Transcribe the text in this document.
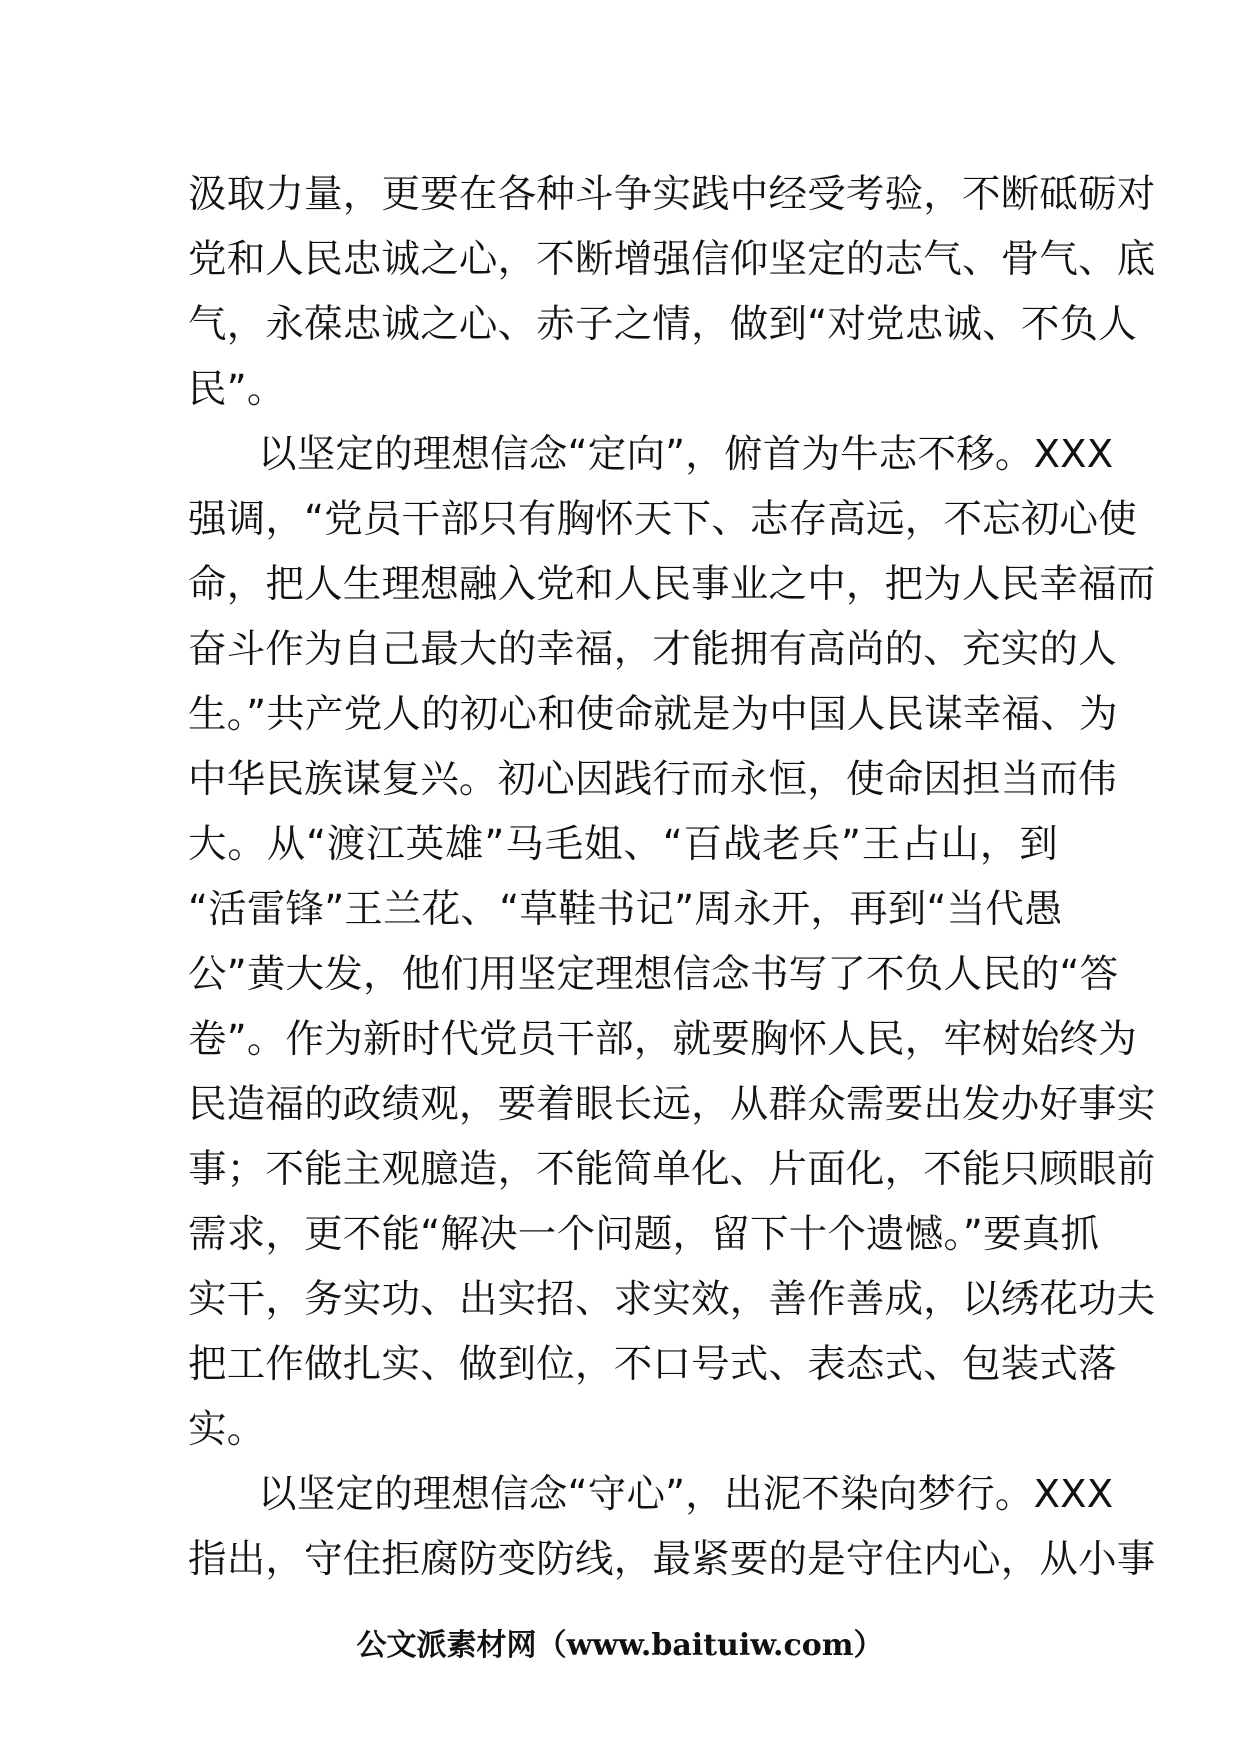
汲取力量，更要在各种斗争实践中经受考验，不断砥砺对
党和人民忠诚之心，不断增强信仰坚定的志气、骨气、底
气，永葆忠诚之心、赤子之情，做到“对党忠诚、不负人
民”。
以坚定的理想信念“定向”，俯首为牛志不移。XXX
强调，“党员干部只有胸怀天下、志存高远，不忘初心使
命，把人生理想融入党和人民事业之中，把为人民幸福而
奋斗作为自己最大的幸福，才能拥有高尚的、充实的人
生。”共产党人的初心和使命就是为中国人民谋幸福、为
中华民族谋复兴。初心因践行而永恒，使命因担当而伟
大。从“渡江英雄”马毛姐、“百战老兵”王占山，到
“活雷锋”王兰花、“草鞋书记”周永开，再到“当代愚
公”黄大发，他们用坚定理想信念书写了不负人民的“答
卷”。作为新时代党员干部，就要胸怀人民，牢树始终为
民造福的政绩观，要着眼长远，从群众需要出发办好事实
事；不能主观臆造，不能简单化、片面化，不能只顾眼前
需求，更不能“解决一个问题，留下十个遗憾。”要真抓
实干，务实功、出实招、求实效，善作善成，以绣花功夫
把工作做扎实、做到位，不口号式、表态式、包装式落
实。
以坚定的理想信念“守心”，出泥不染向梦行。XXX
指出，守住拒腐防变防线，最紧要的是守住内心，从小事
公文派素材网（www.baituiw.com）
